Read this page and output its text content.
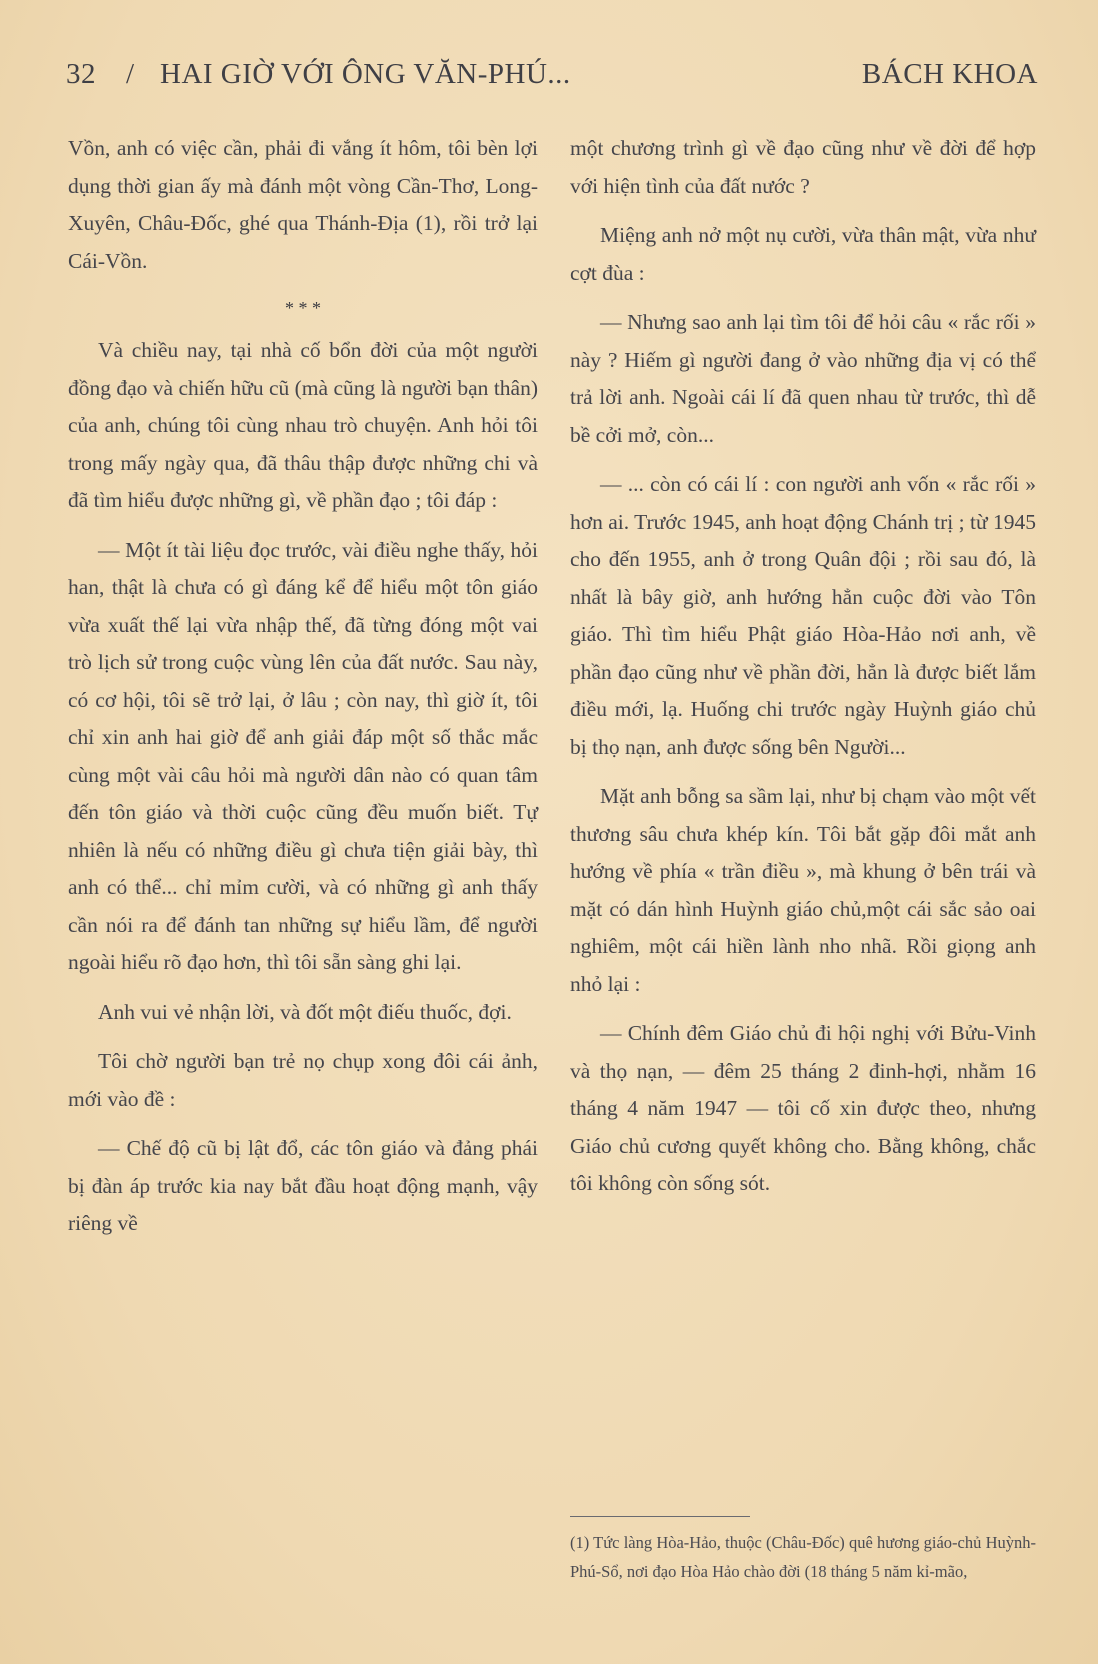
32 / HAI GIỜ VỚI ÔNG VĂN-PHÚ...	BÁCH KHOA

Vồn, anh có việc cần, phải đi vắng ít hôm, tôi bèn lợi dụng thời gian ấy mà đánh một vòng Cần-Thơ, Long-Xuyên, Châu-Đốc, ghé qua Thánh-Địa (1), rồi trở lại Cái-Vồn.

* * *

Và chiều nay, tại nhà cố bổn đời của một người đồng đạo và chiến hữu cũ (mà cũng là người bạn thân) của anh, chúng tôi cùng nhau trò chuyện. Anh hỏi tôi trong mấy ngày qua, đã thâu thập được những chi và đã tìm hiểu được những gì, về phần đạo ; tôi đáp :

— Một ít tài liệu đọc trước, vài điều nghe thấy, hỏi han, thật là chưa có gì đáng kể để hiểu một tôn giáo vừa xuất thế lại vừa nhập thế, đã từng đóng một vai trò lịch sử trong cuộc vùng lên của đất nước. Sau này, có cơ hội, tôi sẽ trở lại, ở lâu ; còn nay, thì giờ ít, tôi chỉ xin anh hai giờ để anh giải đáp một số thắc mắc cùng một vài câu hỏi mà người dân nào có quan tâm đến tôn giáo và thời cuộc cũng đều muốn biết. Tự nhiên là nếu có những điều gì chưa tiện giải bày, thì anh có thể... chỉ mỉm cười, và có những gì anh thấy cần nói ra để đánh tan những sự hiểu lầm, để người ngoài hiểu rõ đạo hơn, thì tôi sẵn sàng ghi lại.

Anh vui vẻ nhận lời, và đốt một điếu thuốc, đợi.

Tôi chờ người bạn trẻ nọ chụp xong đôi cái ảnh, mới vào đề :

— Chế độ cũ bị lật đổ, các tôn giáo và đảng phái bị đàn áp trước kia nay bắt đầu hoạt động mạnh, vậy riêng về

một chương trình gì về đạo cũng như về đời để hợp với hiện tình của đất nước ?

Miệng anh nở một nụ cười, vừa thân mật, vừa như cợt đùa :

— Nhưng sao anh lại tìm tôi để hỏi câu « rắc rối » này ? Hiếm gì người đang ở vào những địa vị có thể trả lời anh. Ngoài cái lí đã quen nhau từ trước, thì dễ bề cởi mở, còn...

— ... còn có cái lí : con người anh vốn « rắc rối » hơn ai. Trước 1945, anh hoạt động Chánh trị ; từ 1945 cho đến 1955, anh ở trong Quân đội ; rồi sau đó, là nhất là bây giờ, anh hướng hẳn cuộc đời vào Tôn giáo. Thì tìm hiểu Phật giáo Hòa-Hảo nơi anh, về phần đạo cũng như về phần đời, hẳn là được biết lắm điều mới, lạ. Huống chi trước ngày Huỳnh giáo chủ bị thọ nạn, anh được sống bên Người...

Mặt anh bỗng sa sầm lại, như bị chạm vào một vết thương sâu chưa khép kín. Tôi bắt gặp đôi mắt anh hướng về phía « trần điều », mà khung ở bên trái và mặt có dán hình Huỳnh giáo chủ,một cái sắc sảo oai nghiêm, một cái hiền lành nho nhã. Rồi giọng anh nhỏ lại :

— Chính đêm Giáo chủ đi hội nghị với Bửu-Vinh và thọ nạn, — đêm 25 tháng 2 đinh-hợi, nhằm 16 tháng 4 năm 1947 — tôi cố xin được theo, nhưng Giáo chủ cương quyết không cho. Bằng không, chắc tôi không còn sống sót.

(1) Tức làng Hòa-Hảo, thuộc (Châu-Đốc) quê hương giáo-chủ Huỳnh-Phú-Sổ, nơi đạo Hòa Hảo chào đời (18 tháng 5 năm kỉ-mão,
